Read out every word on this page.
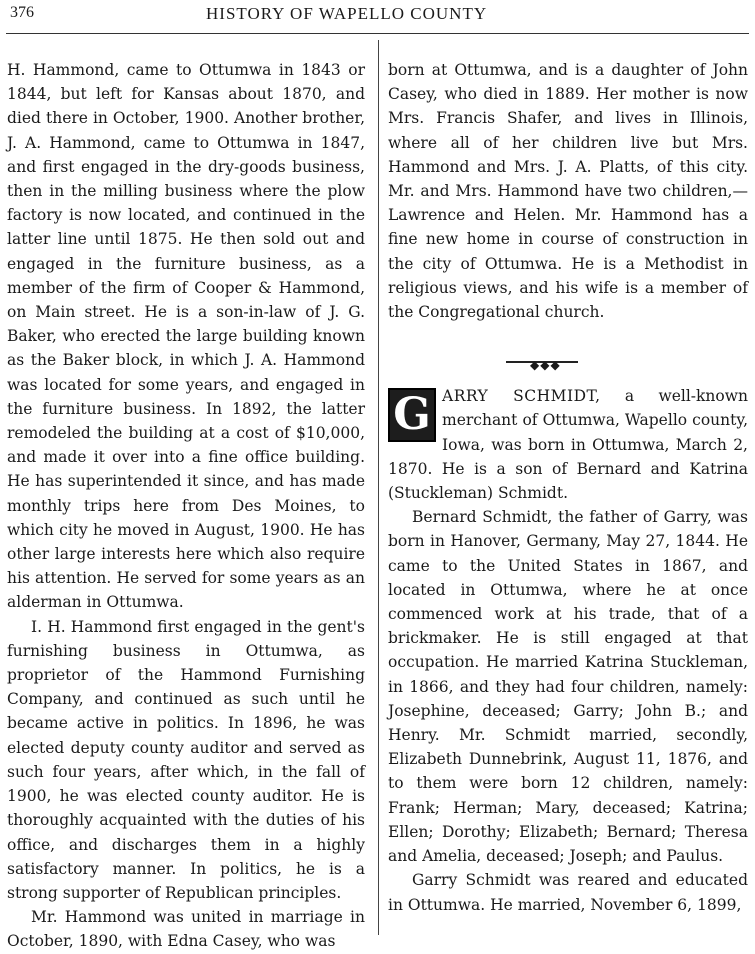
376	HISTORY OF WAPELLO COUNTY

H. Hammond, came to Ottumwa in 1843 or 1844, but left for Kansas about 1870, and died there in October, 1900. Another brother, J. A. Hammond, came to Ottumwa in 1847, and first engaged in the dry-goods business, then in the milling business where the plow factory is now located, and continued in the latter line until 1875. He then sold out and engaged in the furniture business, as a member of the firm of Cooper & Hammond, on Main street. He is a son-in-law of J. G. Baker, who erected the large building known as the Baker block, in which J. A. Hammond was located for some years, and engaged in the furniture business. In 1892, the latter remodeled the building at a cost of $10,000, and made it over into a fine office building. He has superintended it since, and has made monthly trips here from Des Moines, to which city he moved in August, 1900. He has other large interests here which also require his attention. He served for some years as an alderman in Ottumwa.

I. H. Hammond first engaged in the gent's furnishing business in Ottumwa, as proprietor of the Hammond Furnishing Company, and continued as such until he became active in politics. In 1896, he was elected deputy county auditor and served as such four years, after which, in the fall of 1900, he was elected county auditor. He is thoroughly acquainted with the duties of his office, and discharges them in a highly satisfactory manner. In politics, he is a strong supporter of Republican principles.

Mr. Hammond was united in marriage in October, 1890, with Edna Casey, who was

born at Ottumwa, and is a daughter of John Casey, who died in 1889. Her mother is now Mrs. Francis Shafer, and lives in Illinois, where all of her children live but Mrs. Hammond and Mrs. J. A. Platts, of this city. Mr. and Mrs. Hammond have two children,—Lawrence and Helen. Mr. Hammond has a fine new home in course of construction in the city of Ottumwa. He is a Methodist in religious views, and his wife is a member of the Congregational church.

◆◆◆

G ARRY SCHMIDT, a well-known merchant of Ottumwa, Wapello county, Iowa, was born in Ottumwa, March 2, 1870. He is a son of Bernard and Katrina (Stuckleman) Schmidt.

Bernard Schmidt, the father of Garry, was born in Hanover, Germany, May 27, 1844. He came to the United States in 1867, and located in Ottumwa, where he at once commenced work at his trade, that of a brickmaker. He is still engaged at that occupation. He married Katrina Stuckleman, in 1866, and they had four children, namely: Josephine, deceased; Garry; John B.; and Henry. Mr. Schmidt married, secondly, Elizabeth Dunnebrink, August 11, 1876, and to them were born 12 children, namely: Frank; Herman; Mary, deceased; Katrina; Ellen; Dorothy; Elizabeth; Bernard; Theresa and Amelia, deceased; Joseph; and Paulus.

Garry Schmidt was reared and educated in Ottumwa. He married, November 6, 1899,
